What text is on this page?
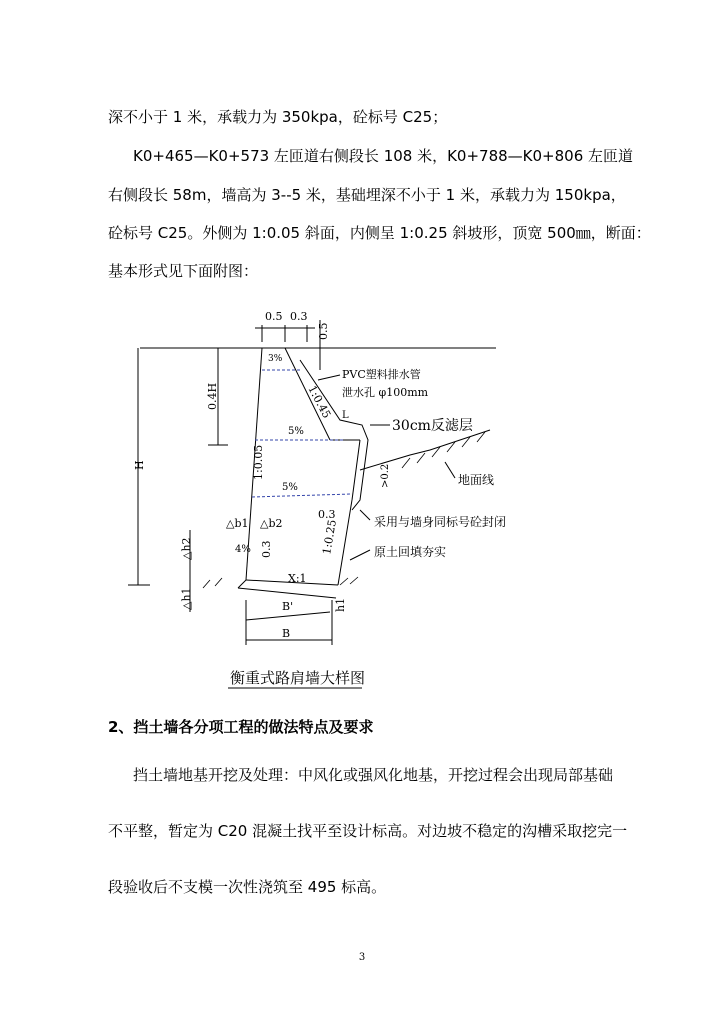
深不小于 1 米，承载力为 350kpa，砼标号 C25；
K0+465—K0+573 左匝道右侧段长 108 米，K0+788—K0+806 左匝道
右侧段长 58m，墙高为 3--5 米，基础埋深不小于 1 米，承载力为 150kpa，
砼标号 C25。外侧为 1:0.05 斜面，内侧呈 1:0.25 斜坡形，顶宽 500㎜，断面：
基本形式见下面附图：
0.5 0.3
0.5
0.4H
H	1:0.05
1:0.45
1:0.25
3%
5%
5%
4%
PVC塑料排水管
泄水孔 φ100mm
30cm反滤层
>0.2	地面线
0.3
采用与墙身同标号砼封闭
原土回填夯实
△b1 △b2
△h2
△h1
0.3
X:1
B'
B
h1
L
衡重式路肩墙大样图
2、挡土墙各分项工程的做法特点及要求
挡土墙地基开挖及处理：中风化或强风化地基，开挖过程会出现局部基础
不平整，暂定为 C20 混凝土找平至设计标高。对边坡不稳定的沟槽采取挖完一
段验收后不支模一次性浇筑至 495 标高。
3
